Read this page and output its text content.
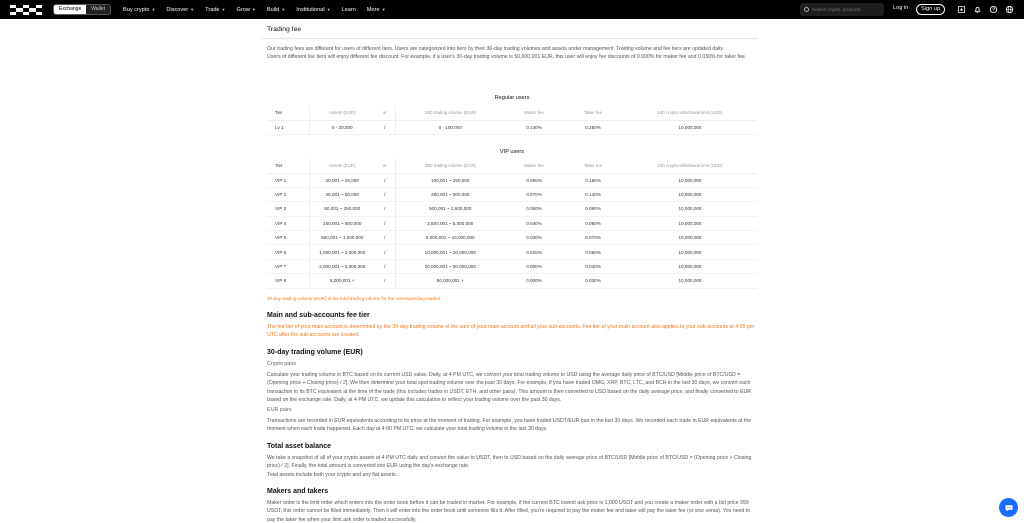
Exchange	Wallet	Buy crypto ▼ Discover ▼ Trade ▼ Grow ▼ Build ▼ Institutional ▼ Learn More ▼
Search crypto, products	Log in	Sign up
Trading fee
Our trading fees are different for users of different tiers. Users are categorized into tiers by their 30-day trading volumes and assets under management. Trading volume and fee tiers are updated daily.
Users of different fee tiers will enjoy different fee discount. For example, if a user's 30-day trading volume is 50,000,001 EUR, this user will enjoy fee discounts of 0.000% for maker fee and 0.030% for taker fee.
Regular users
Tier	Assets (EUR)	or	30D trading volume (EUR)	Maker fee	Taker fee	24h crypto withdrawal limit (USD)
Lv 1	0 - 20,000	/	0 - 100,000	0.140%	0.250%	10,000,000
VIP users
Tier	Assets (EUR)	or	30D trading volume (EUR)	Maker fee	Taker fee	24h crypto withdrawal limit (USD)
VIP 1	20,001 ~ 25,000	/	100,001 ~ 250,000	0.090%	0.180%	10,000,000
VIP 2	25,001 ~ 50,000	/	250,001 ~ 500,000	0.070%	0.140%	10,000,000
VIP 3	50,001 ~ 250,000	/	500,001 ~ 2,500,000	0.050%	0.090%	10,000,000
VIP 4	250,001 ~ 500,000	/	2,500,001 ~ 5,000,000	0.040%	0.080%	10,000,000
VIP 5	500,001 ~ 1,000,000	/	5,000,001 ~ 10,000,000	0.030%	0.070%	10,000,000
VIP 6	1,000,001 ~ 2,000,000	/	10,000,001 ~ 20,000,000	0.020%	0.050%	10,000,000
VIP 7	2,000,001 ~ 5,000,000	/	20,000,001 ~ 50,000,000	0.000%	0.040%	10,000,000
VIP 8	5,000,001 +	/	50,000,001 +	0.000%	0.030%	10,000,000
30-day trading volume (EUR) is the total trading volume for the corresponding market.
Main and sub-accounts fee tier
The fee tier of your main account is determined by the 30-day trading volume of the sum of your main account and all your sub-accounts. Fee tier of your main account also applies to your sub-accounts at 4:00 pm UTC after the sub-accounts are created.
30-day trading volume (EUR)
Crypto pairs
Calculate your trading volume in BTC based on its current USD value. Daily, at 4 PM UTC, we convert your total trading volume to USD using the average daily price of BTC/USD [Middle price of BTC/USD = (Opening price + Closing price) / 2]. We then determine your total spot trading volume over the past 30 days. For example, if you have traded OMG, XRP, BTC, LTC, and BCH in the last 30 days, we convert each transaction to its BTC equivalent at the time of the trade (this includes trades in USDT, ETH, and other pairs). This amount is then converted to USD based on the daily average price, and finally converted to EUR based on the exchange rate. Daily, at 4 PM UTC, we update this calculation to reflect your trading volume over the past 30 days.
EUR pairs
Transactions are recorded in EUR equivalents according to its price at the moment of trading. For example, you have traded USDT/EUR pair in the last 30 days. We recorded each trade in EUR equivalents at the moment when each trade happened. Each day at 4:00 PM UTC, we calculate your total trading volume in the last 30 days.
Total asset balance
We take a snapshot of all of your crypto assets at 4 PM UTC daily and convert the value to USDT, then to USD based on the daily average price of BTC/USD [Middle price of BTC/USD = (Opening price + Closing price) / 2]. Finally, the total amount is converted into EUR using the day's exchange rate.
Total assets include both your crypto and any fiat assets.
Makers and takers
Maker order is the limit order which enters into the order book before it can be traded in market. For example, if the current BTC lowest ask price is 1,000 USDT and you create a maker order with a bid price 999 USDT, this order cannot be filled immediately. Then it will enter into the order book until someone fills it. After filled, you're required to pay the maker fee and taker will pay the taker fee (or vice versa). You need to pay the taker fee when your limit ask order is traded successfully.
